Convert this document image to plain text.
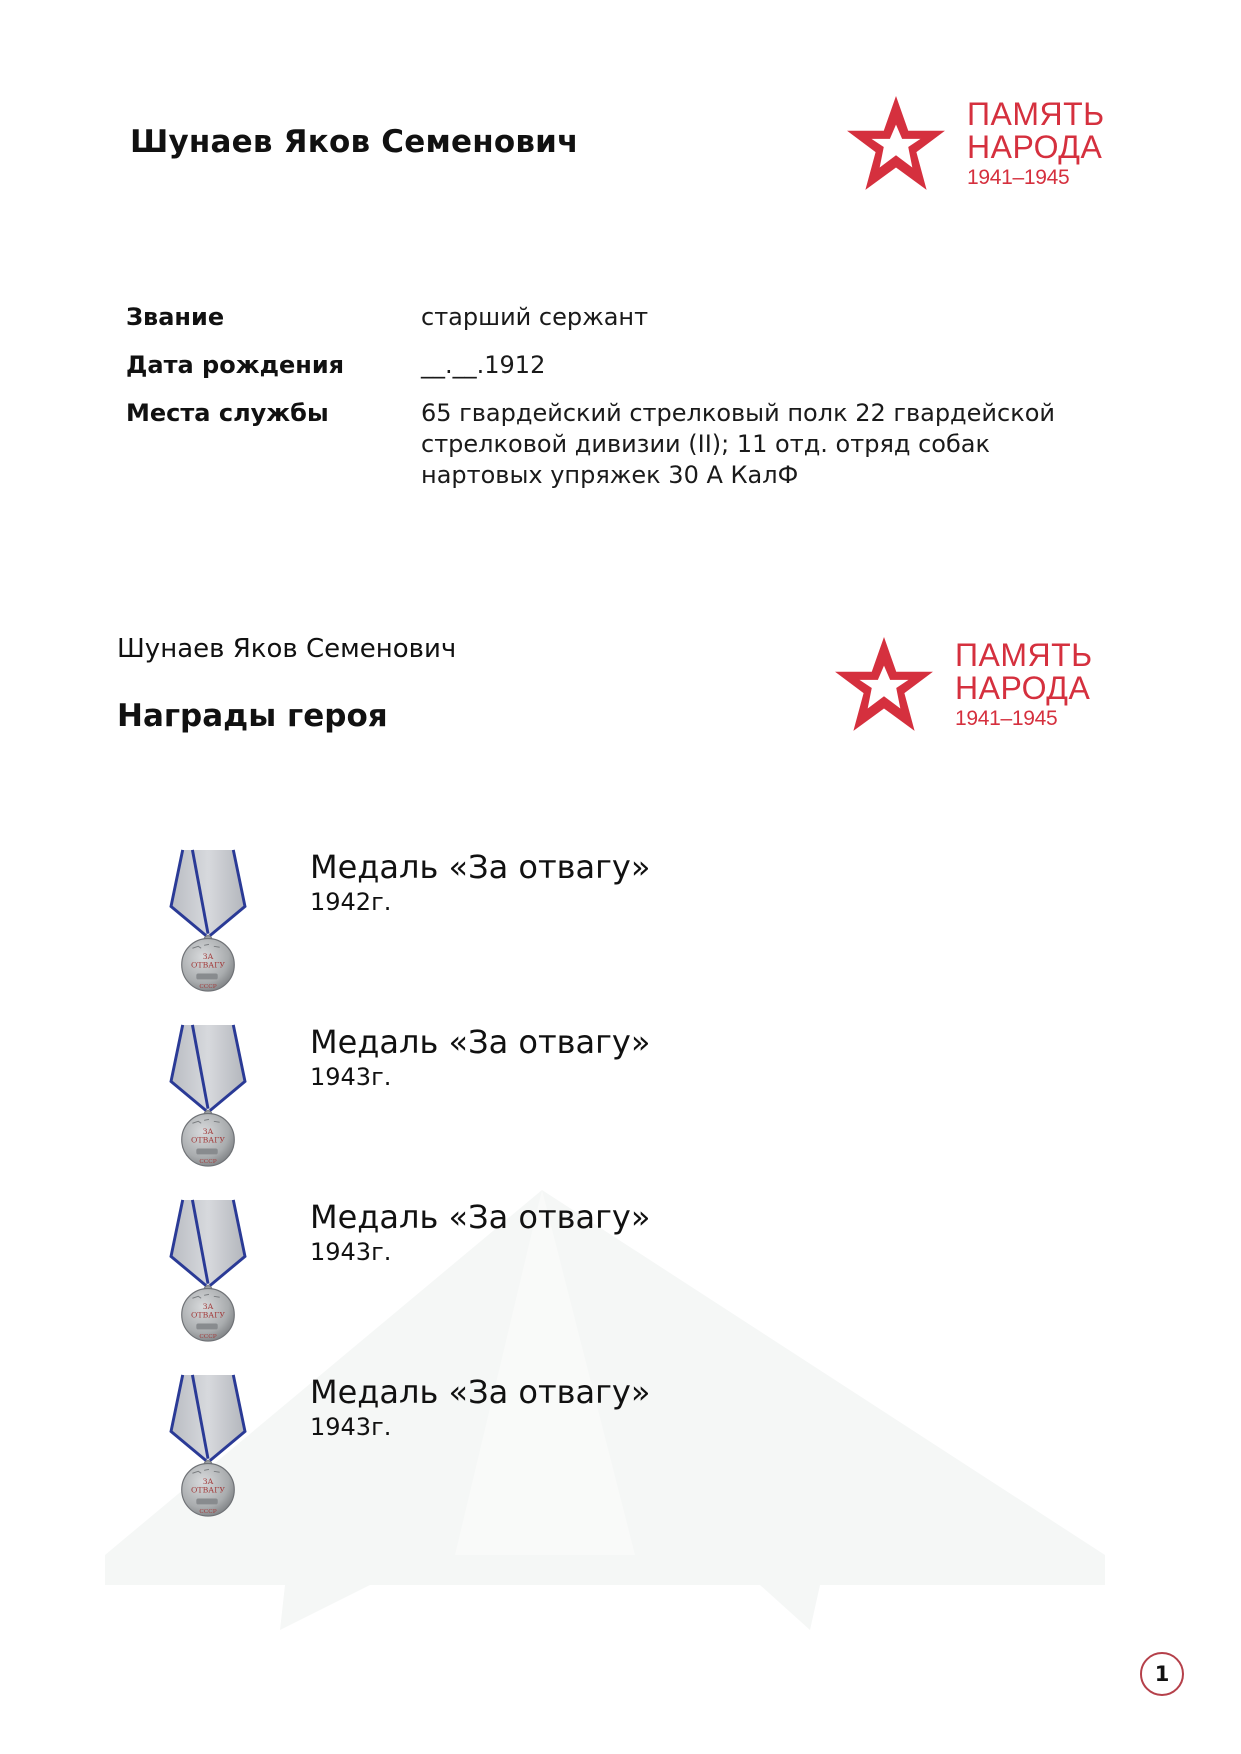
Шунаев Яков Семенович
ПАМЯТЬ
НАРОДА
1941–1945
Звание	старший сержант
Дата рождения	__.__.1912
Места службы	65 гвардейский стрелковый полк 22 гвардейской стрелковой дивизии (II); 11 отд. отряд собак нартовых упряжек 30 А КалФ
Шунаев Яков Семенович
Награды героя
ПАМЯТЬ
НАРОДА
1941–1945
Медаль «За отвагу»
1942г.
Медаль «За отвагу»
1943г.
Медаль «За отвагу»
1943г.
Медаль «За отвагу»
1943г.
1
